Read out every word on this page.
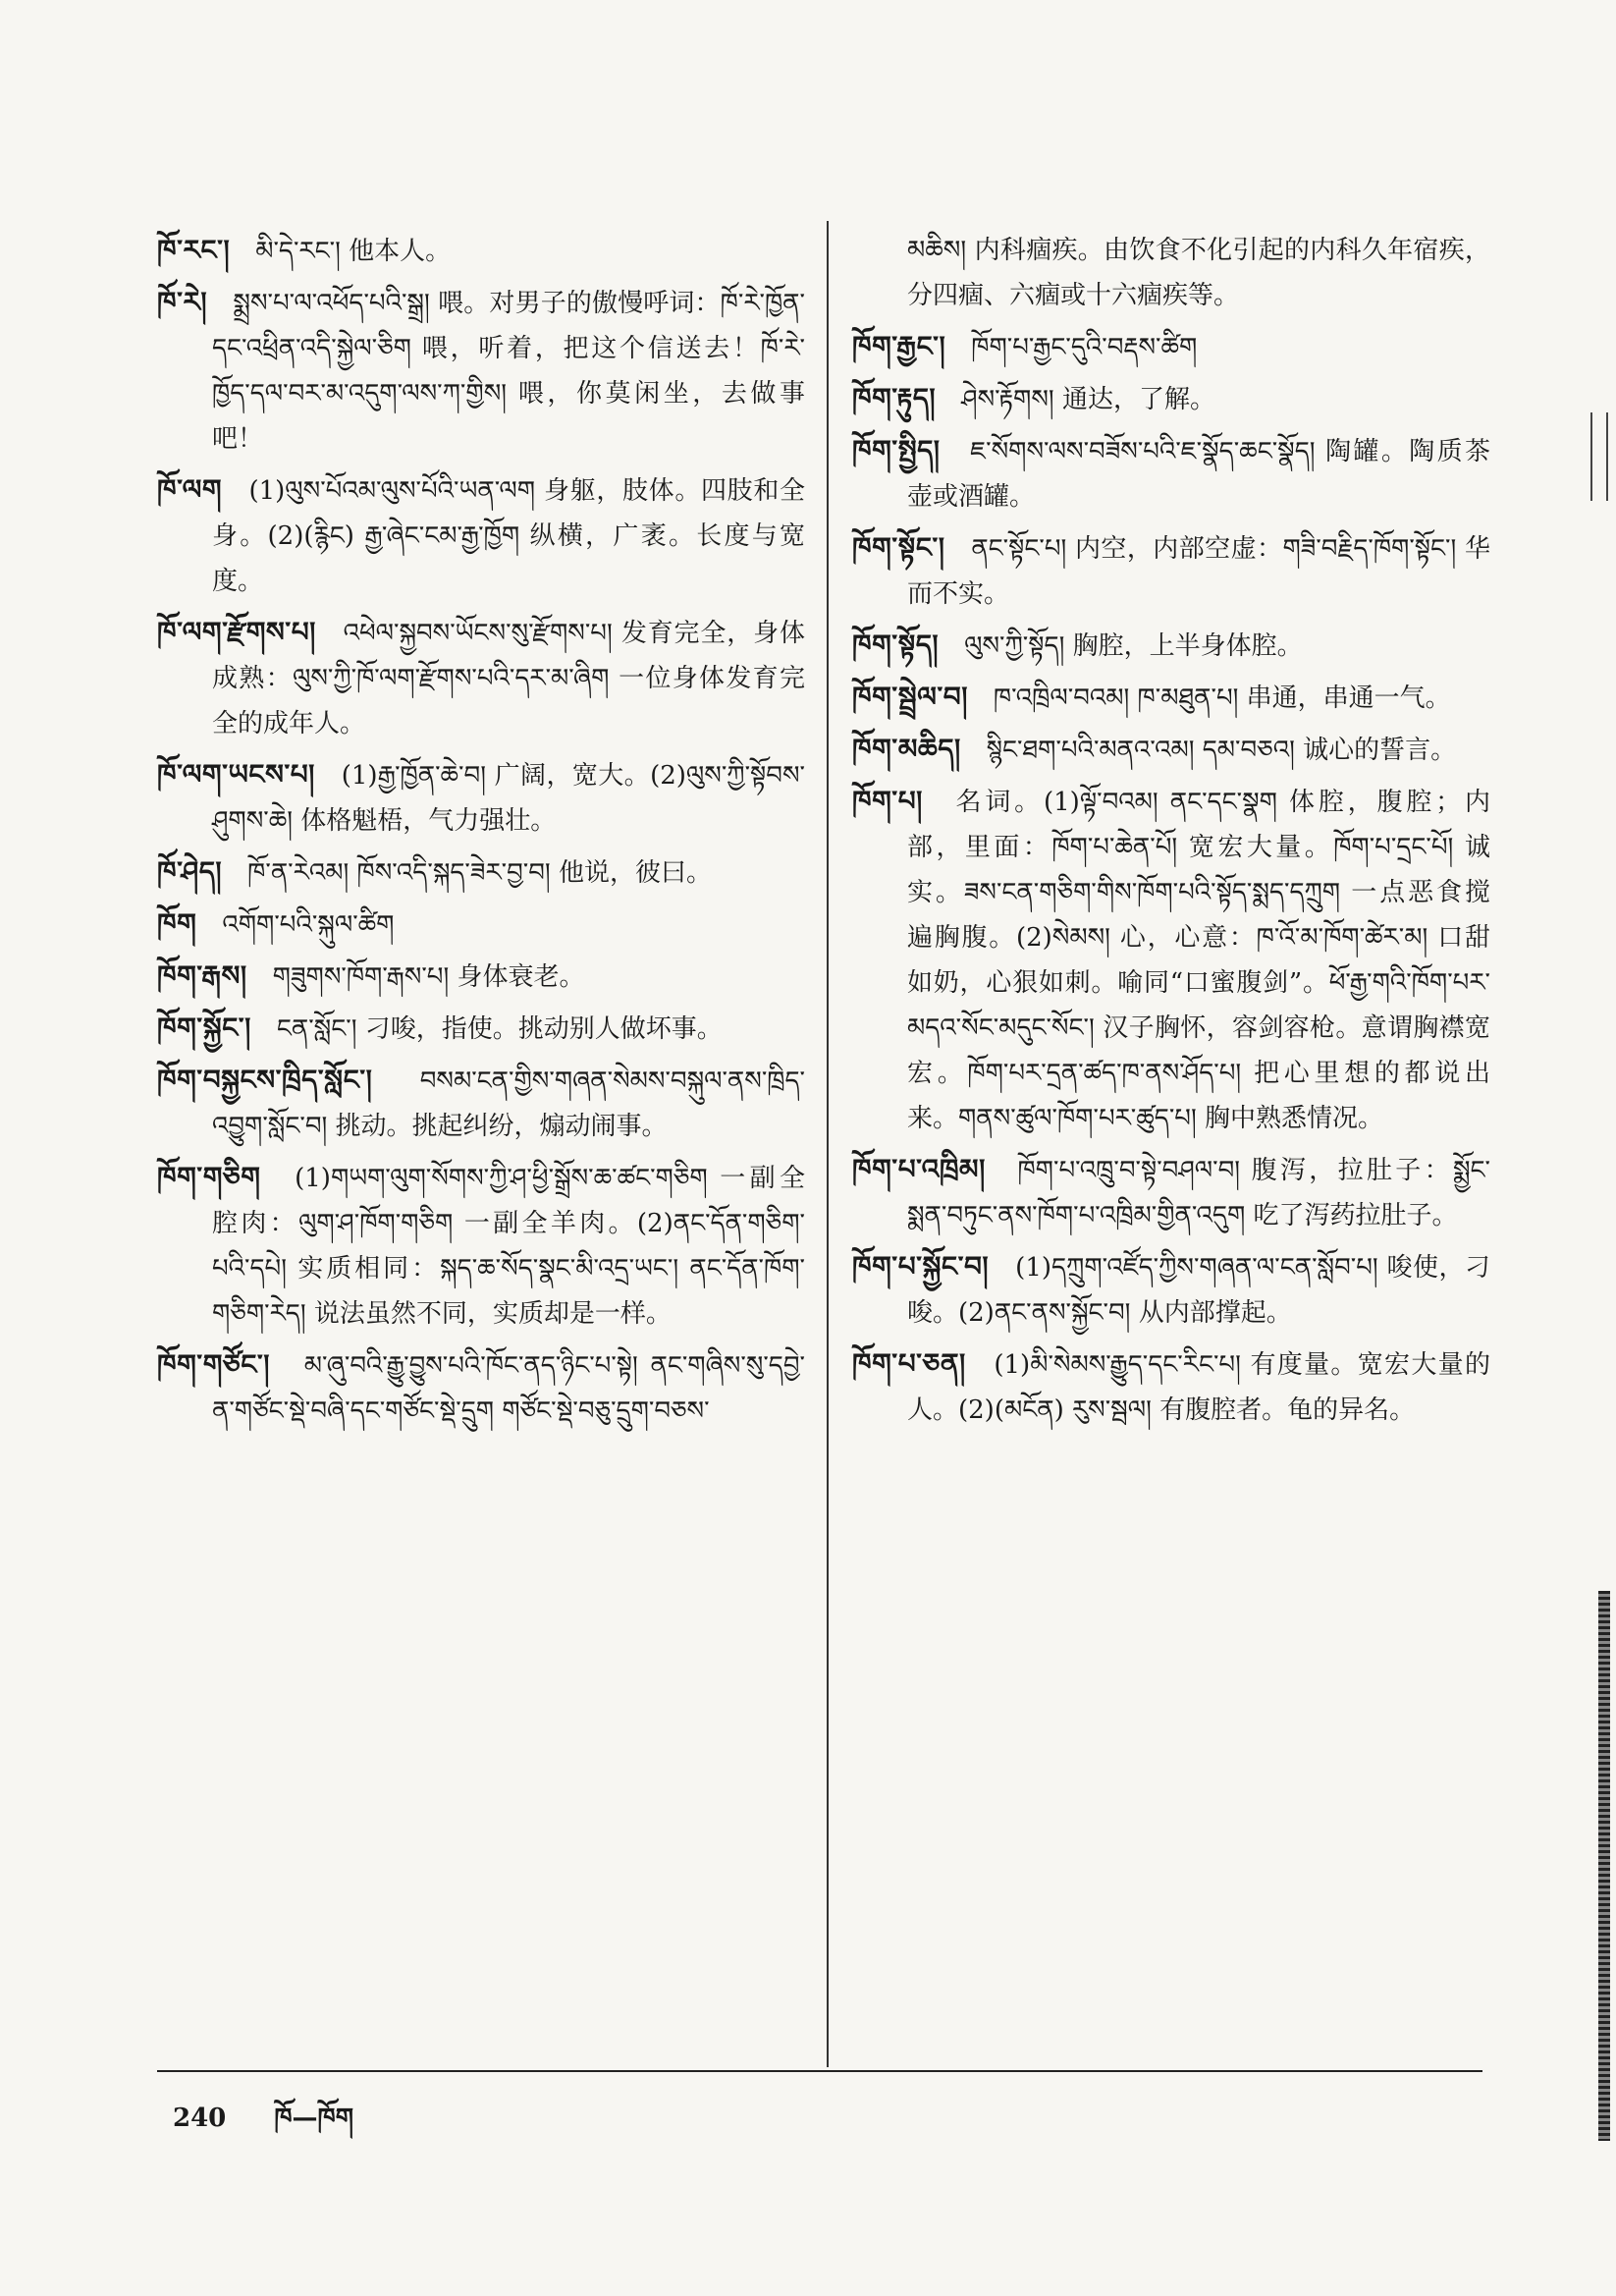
ཁོ་རང་།　 མི་དེ་རང་། 他本人。

ཁོ་རེ།　 སྨྲས་པ་ལ་འཕོད་པའི་སྒྲ། 喂。对男子的傲慢呼词：ཁོ་རེ་ཁྱོན་དང་འཕྲིན་འདི་སྐྱེལ་ཅིག 喂，听着，把这个信送去！ཁོ་རེ་ཁྱོད་དལ་བར་མ་འདུག་ལས་ཀ་གྱིས། 喂，你莫闲坐，去做事吧！

ཁོ་ལག　 (1)ལུས་པོའམ་ལུས་པོའི་ཡན་ལག 身躯，肢体。四肢和全身。(2)(རྙིང) རྒྱ་ཞེང་ངམ་རྒྱ་ཁྱོག 纵横，广袤。长度与宽度。

ཁོ་ལག་རྫོགས་པ།　 འཕེལ་སྐྱབས་ཡོངས་སུ་རྫོགས་པ། 发育完全，身体成熟：ལུས་ཀྱི་ཁོ་ལག་རྫོགས་པའི་དར་མ་ཞིག 一位身体发育完全的成年人。

ཁོ་ལག་ཡངས་པ།　 (1)རྒྱ་ཁྱོན་ཆེ་བ། 广阔，宽大。(2)ལུས་ཀྱི་སྟོབས་ཤུགས་ཆེ། 体格魁梧，气力强壮。

ཁོ་ཤེད།　 ཁོ་ན་རེའམ། ཁོས་འདི་སྐད་ཟེར་བྱ་བ། 他说，彼曰。

ཁོག　 འགོག་པའི་སྐུལ་ཚིག

ཁོག་རྒས།　 གཟུགས་ཁོག་རྒས་པ། 身体衰老。

ཁོག་སྐྱོང་།　 ངན་སློང་། 刁唆，指使。挑动别人做坏事。

ཁོག་བསྐྱངས་ཁྲིད་སློང་།　 བསམ་ངན་གྱིས་གཞན་སེམས་བསྐུལ་ནས་ཁྲིད་འབྱུག་སློང་བ། 挑动。挑起纠纷，煽动闹事。

ཁོག་གཅིག　 (1)གཡག་ལུག་སོགས་ཀྱི་ཤ་ཕྱི་སྒྲོས་ཆ་ཚང་གཅིག 一副全腔肉：ལུག་ཤ་ཁོག་གཅིག 一副全羊肉。(2)ནང་དོན་གཅིག་པའི་དཔེ། 实质相同：སྐད་ཆ་སོད་སྣང་མི་འདྲ་ཡང་། ནང་དོན་ཁོག་གཅིག་རེད། 说法虽然不同，实质却是一样。

ཁོག་གཙོང་།　 མ་ཞུ་བའི་རྒྱུ་བྱུས་པའི་ཁོང་ནད་ཉིང་པ་སྟེ། ནང་གཞིས་སུ་དབྱེ་ན་གཙོང་སྡེ་བཞི་དང་གཙོང་སྡེ་དྲུག གཙོང་སྡེ་བཅུ་དྲུག་བཅས་

མཆིས། 内科痼疾。由饮食不化引起的内科久年宿疾，分四痼、六痼或十六痼疾等。

ཁོག་རྒྱང་།　 ཁོག་པ་རྒྱང་དུའི་བརྡས་ཚིག

ཁོག་རྟུད།　 ཤེས་རྟོགས། 通达，了解。

ཁོག་སྤྱིད།　 ཇ་སོགས་ལས་བཟོས་པའི་ཇ་སྣོད་ཆང་སྣོད། 陶罐。陶质茶壶或酒罐。

ཁོག་སྟོང་།　 ནང་སྟོང་པ། 内空，内部空虚：གཟི་བརྗིད་ཁོག་སྟོང་། 华而不实。

ཁོག་སྟོད།　 ལུས་ཀྱི་སྟོད། 胸腔，上半身体腔。

ཁོག་སྦྲེལ་བ།　 ཁ་འཁྲིལ་བའམ། ཁ་མཐུན་པ། 串通，串通一气。

ཁོག་མཆིད།　 སྙིང་ཐག་པའི་མནའ་འམ། དམ་བཅའ། 诚心的誓言。

ཁོག་པ།　 名词。(1)ལྟོ་བའམ། ནང་དང་སྣག 体腔，腹腔；内部，里面：ཁོག་པ་ཆེན་པོ། 宽宏大量。ཁོག་པ་དྲང་པོ། 诚实。ཟས་ངན་གཅིག་གིས་ཁོག་པའི་སྟོད་སྨད་དཀྲུག 一点恶食搅遍胸腹。(2)སེམས། 心，心意：ཁ་འོ་མ་ཁོག་ཚེར་མ། 口甜如奶，心狠如刺。喻同“口蜜腹剑”。ཕོ་རྒྱ་གའི་ཁོག་པར་མདའ་སོང་མདུང་སོང་། 汉子胸怀，容剑容枪。意谓胸襟宽宏。ཁོག་པར་དྲན་ཚད་ཁ་ནས་ཤོད་པ། 把心里想的都说出来。གནས་ཚུལ་ཁོག་པར་ཚུད་པ། 胸中熟悉情况。

ཁོག་པ་འཁྲིམ།　 ཁོག་པ་འཁྲུ་བ་སྟེ་བཤལ་བ། 腹泻，拉肚子：སྨྱོང་སྨན་བཏུང་ནས་ཁོག་པ་འཁྲིམ་གྱིན་འདུག 吃了泻药拉肚子。

ཁོག་པ་སྐྱོང་བ།　 (1)དཀྲུག་འཛོད་ཀྱིས་གཞན་ལ་ངན་སློབ་པ། 唆使，刁唆。(2)ནང་ནས་སྐྱོང་བ། 从内部撑起。

ཁོག་པ་ཅན།　 (1)མི་སེམས་རྒྱུད་དང་རིང་པ། 有度量。宽宏大量的人。(2)(མངོན) རུས་སྦལ། 有腹腔者。龟的异名。

240 ཁོ—ཁོག
